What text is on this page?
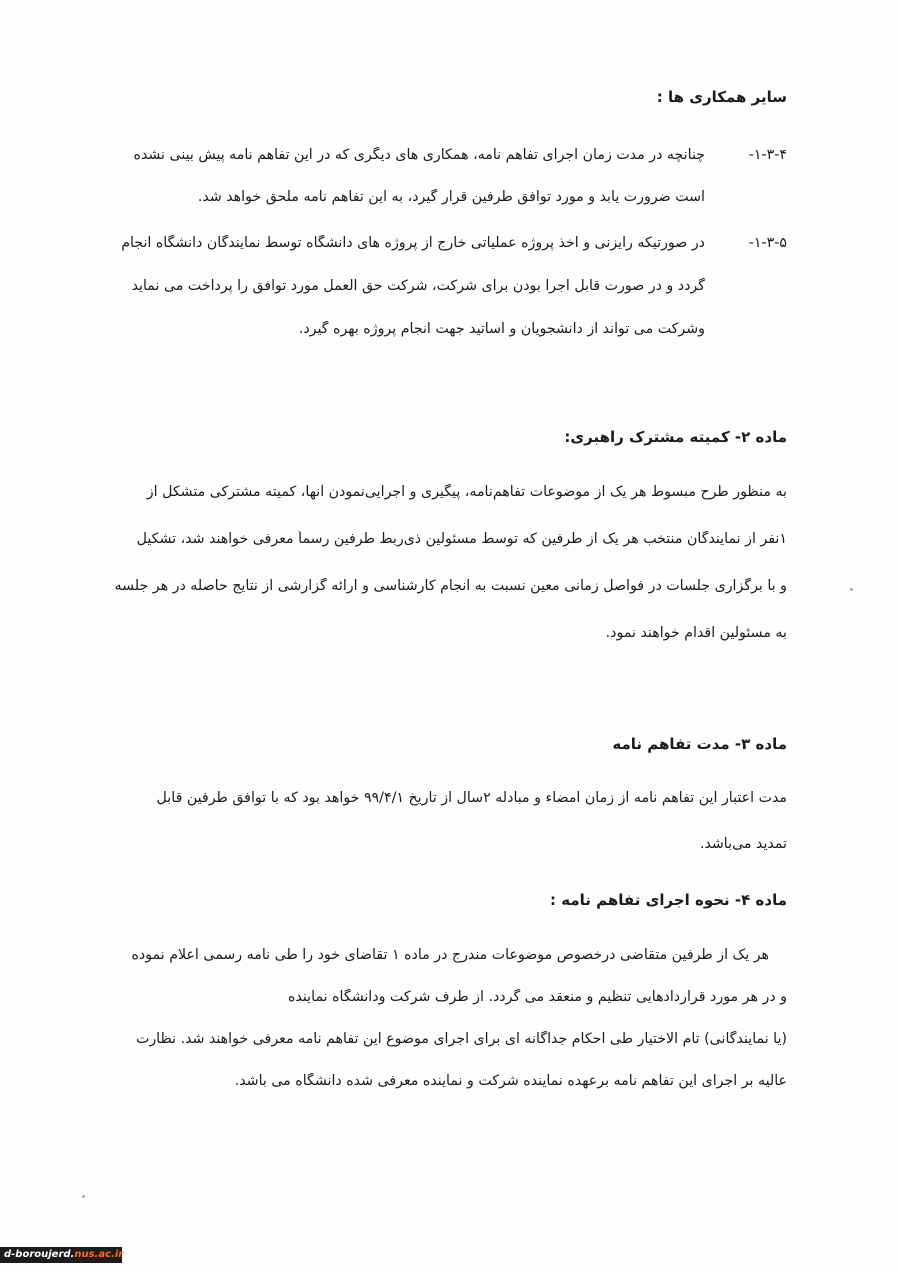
سایر همکاری ها :
۱-۳-۴-
چنانچه در مدت زمان اجرای تفاهم نامه، همکاری های دیگری که در این تفاهم نامه پیش بینی نشده
است ضرورت یابد و مورد توافق طرفین قرار گیرد، به این تفاهم نامه ملحق خواهد شد.
۱-۳-۵-
در صورتیکه رایزنی و اخذ پروژه عملیاتی خارج از پروژه های دانشگاه توسط نمایندگان دانشگاه انجام
گردد و در صورت قابل اجرا بودن برای شرکت، شرکت حق العمل مورد توافق را پرداخت می نماید
وشرکت می تواند از دانشجویان و اساتید جهت انجام پروژه بهره گیرد.
ماده ۲- کمیته مشترک راهبری:
به منظور طرح مبسوط هر یک از موضوعات تفاهم‌نامه، پیگیری و اجرایی‌نمودن آنها، کمیته مشترکی متشکل از
۱نفر از نمایندگان منتخب هر یک از طرفین که توسط مسئولین ذی‌ربط طرفین رسماً معرفی خواهند شد، تشکیل
و با برگزاری جلسات در فواصل زمانی معین نسبت به انجام کارشناسی و ارائه گزارشی از نتایج حاصله در هر جلسه
به مسئولین اقدام خواهند نمود.
ماده ۳- مدت تفاهم نامه
مدت اعتبار این تفاهم نامه از زمان امضاء و مبادله ۲سال از تاریخ ۹۹/۴/۱ خواهد بود که با توافق طرفین قابل
تمدید می‌باشد.
ماده ۴- نحوه اجرای تفاهم نامه :
هر یک از طرفین متقاضی درخصوص موضوعات مندرج در ماده ۱ تقاضای خود را طی نامه رسمی اعلام نموده
و در هر مورد قراردادهایی تنظیم و منعقد می گردد. از طرف شرکت ودانشگاه نماینده
(یا نمایندگانی) تام الاختیار طی احکام جداگانه ای برای اجرای موضوع این تفاهم نامه معرفی خواهند شد. نظارت
عالیه بر اجرای این تفاهم نامه برعهده نماینده شرکت و نماینده معرفی شده دانشگاه می باشد.
d-boroujerd.nus.ac.ir
